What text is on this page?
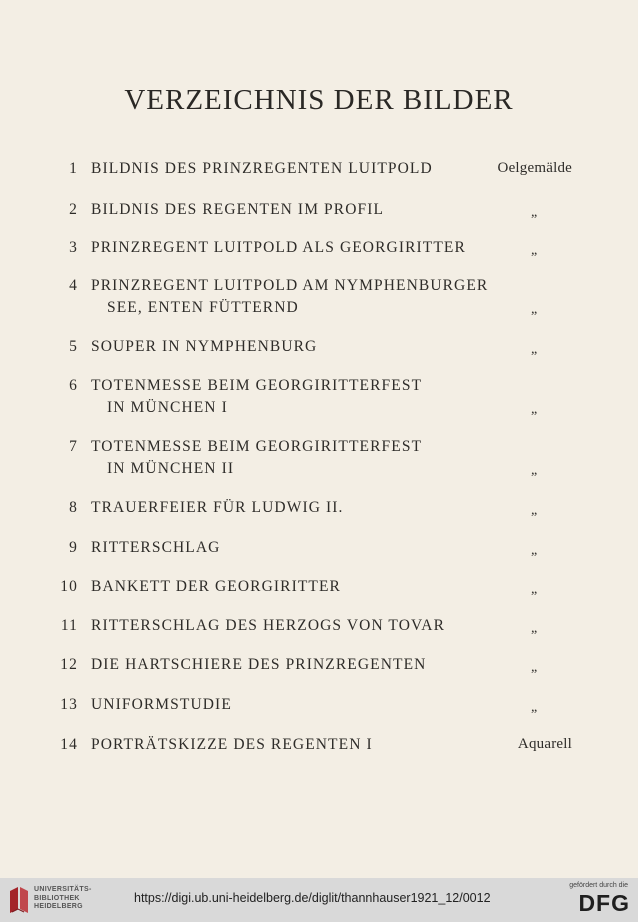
VERZEICHNIS DER BILDER
1 BILDNIS DES PRINZREGENTEN LUITPOLD	Oelgemälde
2 BILDNIS DES REGENTEN IM PROFIL	„
3 PRINZREGENT LUITPOLD ALS GEORGIRITTER	„
4 PRINZREGENT LUITPOLD AM NYMPHENBURGER
SEE, ENTEN FÜTTERND	„
5 SOUPER IN NYMPHENBURG	„
6 TOTENMESSE BEIM GEORGIRITTERFEST
IN MÜNCHEN I	„
7 TOTENMESSE BEIM GEORGIRITTERFEST
IN MÜNCHEN II	„
8 TRAUERFEIER FÜR LUDWIG II.	„
9 RITTERSCHLAG	„
10 BANKETT DER GEORGIRITTER	„
11 RITTERSCHLAG DES HERZOGS VON TOVAR	„
12 DIE HARTSCHIERE DES PRINZREGENTEN	„
13 UNIFORMSTUDIE	„
14 PORTRÄTSKIZZE DES REGENTEN I	Aquarell
UNIVERSITÄTS-
BIBLIOTHEK
HEIDELBERG
https://digi.ub.uni-heidelberg.de/diglit/thannhauser1921_12/0012
gefördert durch die
DFG
